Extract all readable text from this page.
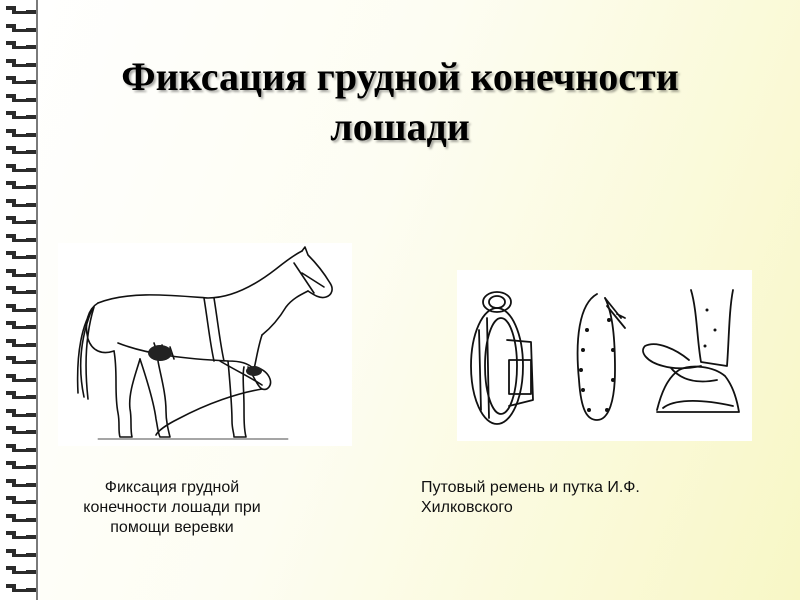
Фиксация грудной конечности
лошади
Фиксация грудной
конечности лошади при
помощи веревки
Путовый ремень и путка И.Ф.
Хилковского
